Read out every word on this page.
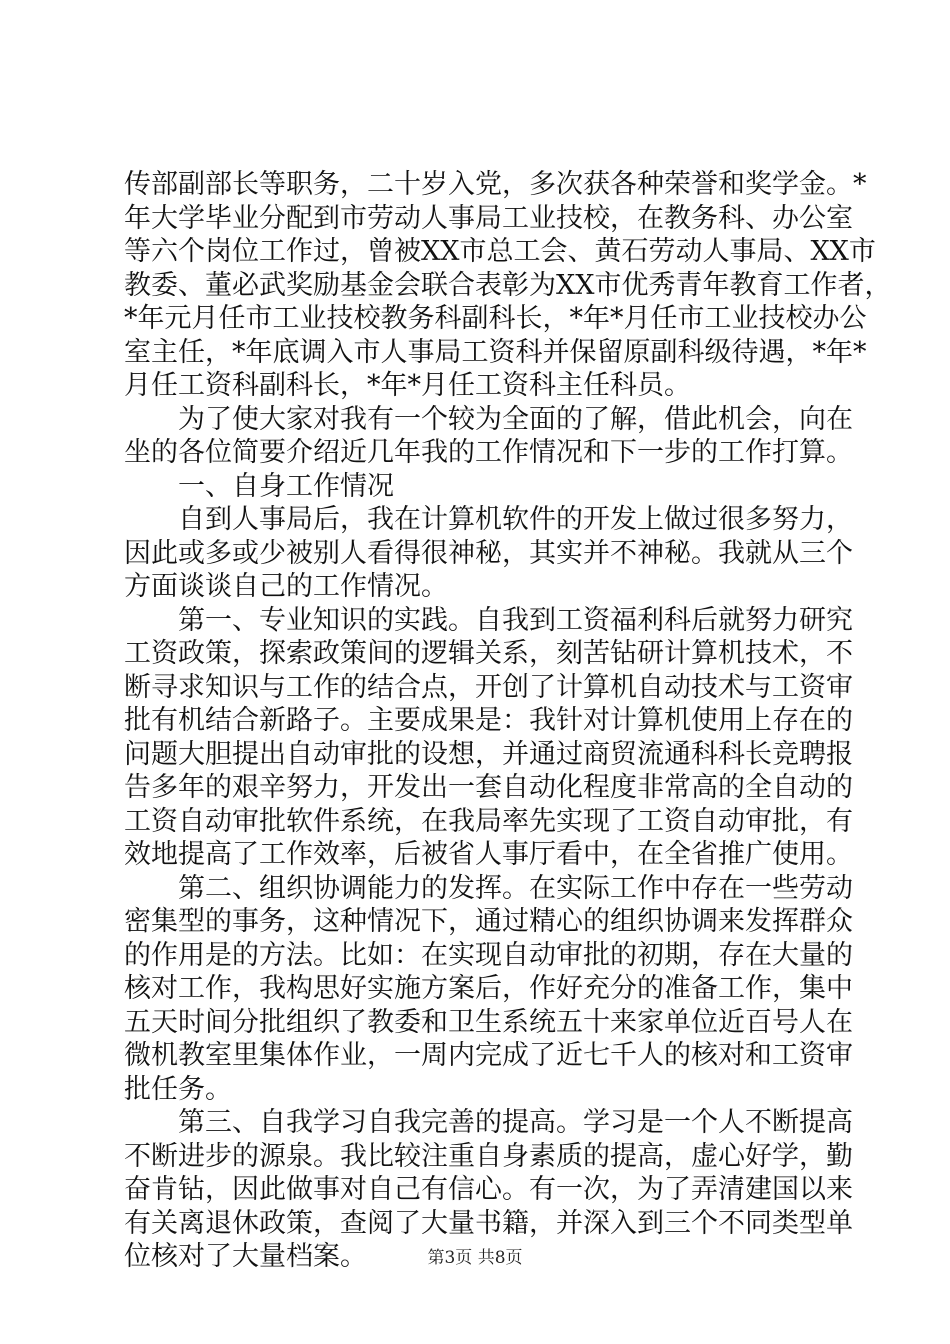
传部副部长等职务，二十岁入党，多次获各种荣誉和奖学金。*
年大学毕业分配到市劳动人事局工业技校，在教务科、办公室
等六个岗位工作过，曾被XX市总工会、黄石劳动人事局、XX市
教委、董必武奖励基金会联合表彰为XX市优秀青年教育工作者，
*年元月任市工业技校教务科副科长，*年*月任市工业技校办公
室主任，*年底调入市人事局工资科并保留原副科级待遇，*年*
月任工资科副科长，*年*月任工资科主任科员。
为了使大家对我有一个较为全面的了解，借此机会，向在
坐的各位简要介绍近几年我的工作情况和下一步的工作打算。
一、自身工作情况
自到人事局后，我在计算机软件的开发上做过很多努力，
因此或多或少被别人看得很神秘，其实并不神秘。我就从三个
方面谈谈自己的工作情况。
第一、专业知识的实践。自我到工资福利科后就努力研究
工资政策，探索政策间的逻辑关系，刻苦钻研计算机技术，不
断寻求知识与工作的结合点，开创了计算机自动技术与工资审
批有机结合新路子。主要成果是：我针对计算机使用上存在的
问题大胆提出自动审批的设想，并通过商贸流通科科长竞聘报
告多年的艰辛努力，开发出一套自动化程度非常高的全自动的
工资自动审批软件系统，在我局率先实现了工资自动审批，有
效地提高了工作效率，后被省人事厅看中，在全省推广使用。
第二、组织协调能力的发挥。在实际工作中存在一些劳动
密集型的事务，这种情况下，通过精心的组织协调来发挥群众
的作用是的方法。比如：在实现自动审批的初期，存在大量的
核对工作，我构思好实施方案后，作好充分的准备工作，集中
五天时间分批组织了教委和卫生系统五十来家单位近百号人在
微机教室里集体作业，一周内完成了近七千人的核对和工资审
批任务。
第三、自我学习自我完善的提高。学习是一个人不断提高
不断进步的源泉。我比较注重自身素质的提高，虚心好学，勤
奋肯钻，因此做事对自己有信心。有一次，为了弄清建国以来
有关离退休政策，查阅了大量书籍，并深入到三个不同类型单
位核对了大量档案。	第3页 共8页
